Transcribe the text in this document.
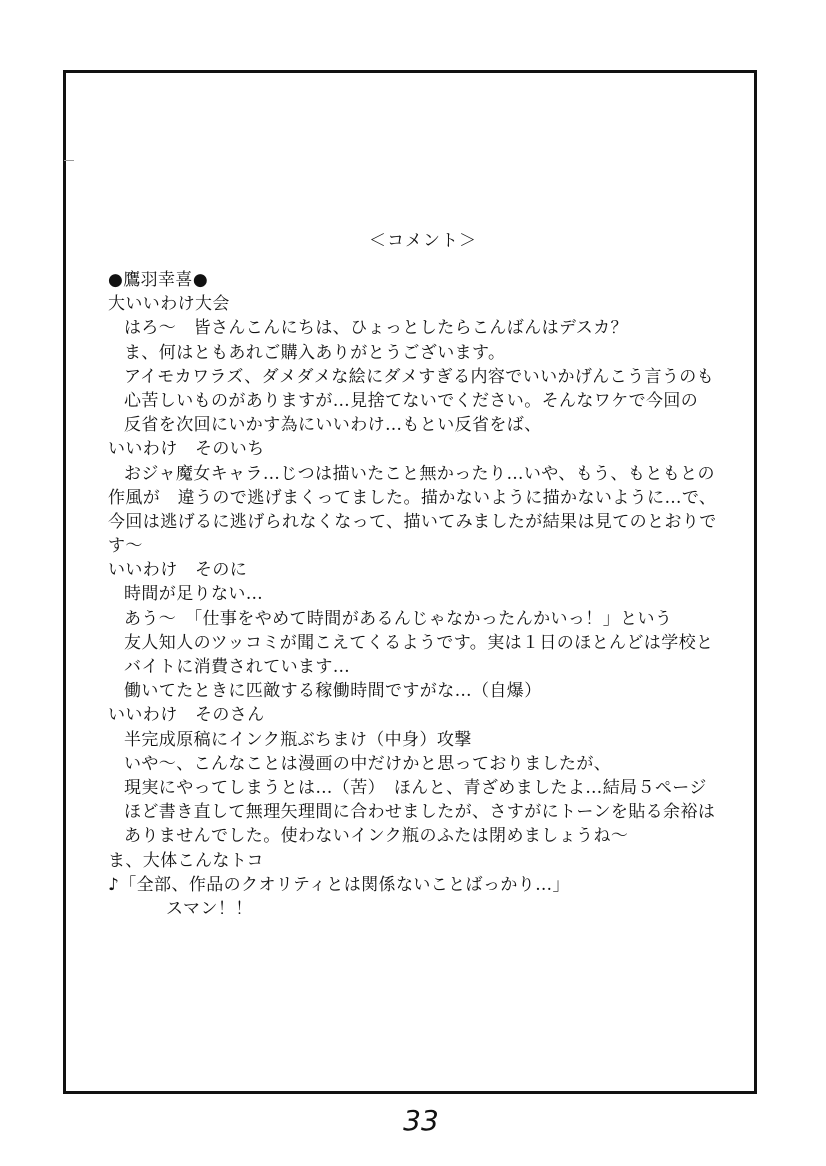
＜コメント＞
●鷹羽幸喜●
大いいわけ大会
はろ～　皆さんこんにちは、ひょっとしたらこんばんはデスカ？
ま、何はともあれご購入ありがとうございます。
アイモカワラズ、ダメダメな絵にダメすぎる内容でいいかげんこう言うのも
心苦しいものがありますが…見捨てないでください。そんなワケで今回の
反省を次回にいかす為にいいわけ…もとい反省をば、
いいわけ　そのいち
おジャ魔女キャラ…じつは描いたこと無かったり…いや、もう、もともとの
作風が　違うので逃げまくってました。描かないように描かないように…で、
今回は逃げるに逃げられなくなって、描いてみましたが結果は見てのとおりで
す～
いいわけ　そのに
時間が足りない…
あう～　「仕事をやめて時間があるんじゃなかったんかいっ！」という
友人知人のツッコミが聞こえてくるようです。実は１日のほとんどは学校と
バイトに消費されています…
働いてたときに匹敵する稼働時間ですがな…（自爆）
いいわけ　そのさん
半完成原稿にインク瓶ぶちまけ（中身）攻撃
いや～、こんなことは漫画の中だけかと思っておりましたが、
現実にやってしまうとは…（苦）　ほんと、青ざめましたよ…結局５ページ
ほど書き直して無理矢理間に合わせましたが、さすがにトーンを貼る余裕は
ありませんでした。使わないインク瓶のふたは閉めましょうね～
ま、大体こんなトコ
♪「全部、作品のクオリティとは関係ないことばっかり…」
スマン！！
33
